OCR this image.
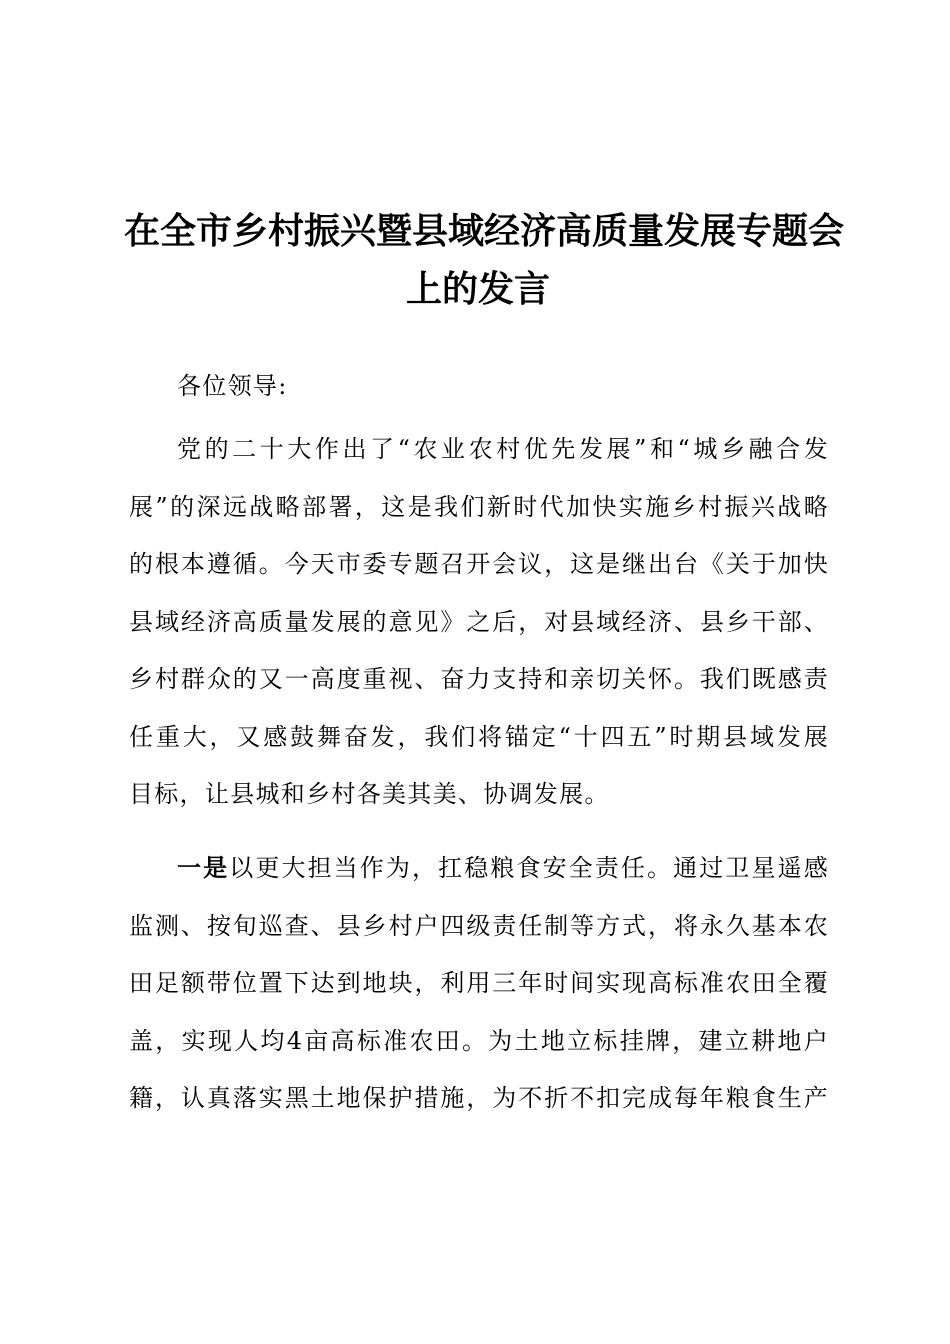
在全市乡村振兴暨县域经济高质量发展专题会
上的发言
各位领导:
党的二十大作出了“农业农村优先发展”和“城乡融合发
展”的深远战略部署，这是我们新时代加快实施乡村振兴战略
的根本遵循。今天市委专题召开会议，这是继出台《关于加快
县域经济高质量发展的意见》之后，对县域经济、县乡干部、
乡村群众的又一高度重视、奋力支持和亲切关怀。我们既感责
任重大，又感鼓舞奋发，我们将锚定“十四五”时期县域发展
目标，让县城和乡村各美其美、协调发展。
一是以更大担当作为，扛稳粮食安全责任。通过卫星遥感
监测、按旬巡查、县乡村户四级责任制等方式，将永久基本农
田足额带位置下达到地块，利用三年时间实现高标准农田全覆
盖，实现人均4亩高标准农田。为土地立标挂牌，建立耕地户
籍，认真落实黑土地保护措施，为不折不扣完成每年粮食生产
